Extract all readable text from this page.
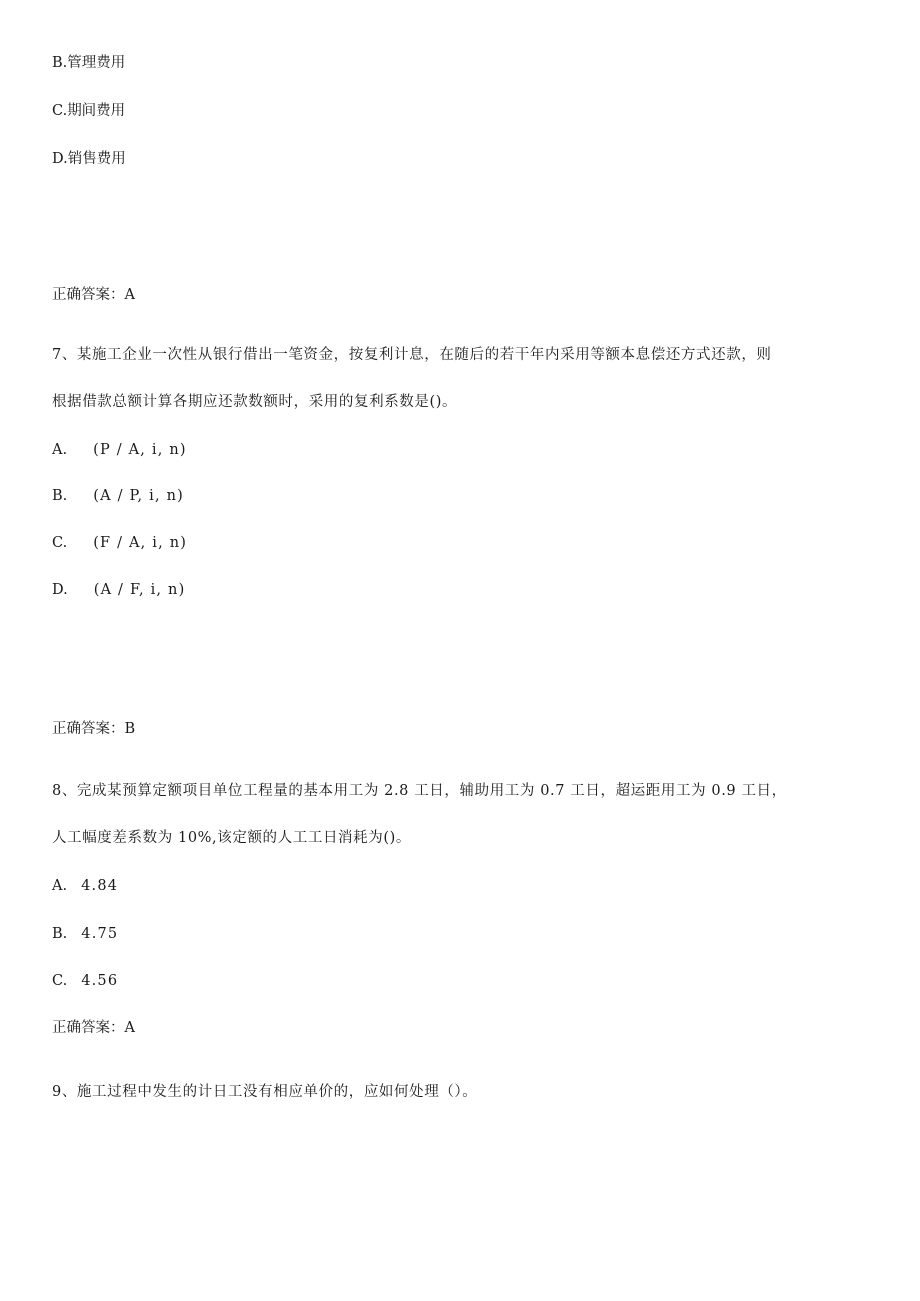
B.管理费用
C.期间费用
D.销售费用
正确答案：A
7、某施工企业一次性从银行借出一笔资金，按复利计息，在随后的若干年内采用等额本息偿还方式还款，则
根据借款总额计算各期应还款数额时，采用的复利系数是()。
A. (P / A, i, n)
B. (A / P, i, n)
C. (F / A, i, n)
D. (A / F, i, n)
正确答案：B
8、完成某预算定额项目单位工程量的基本用工为 2.8 工日，辅助用工为 0.7 工日，超运距用工为 0.9 工日，
人工幅度差系数为 10%,该定额的人工工日消耗为()。
A. 4.84
B. 4.75
C. 4.56
正确答案：A
9、施工过程中发生的计日工没有相应单价的，应如何处理（）。
